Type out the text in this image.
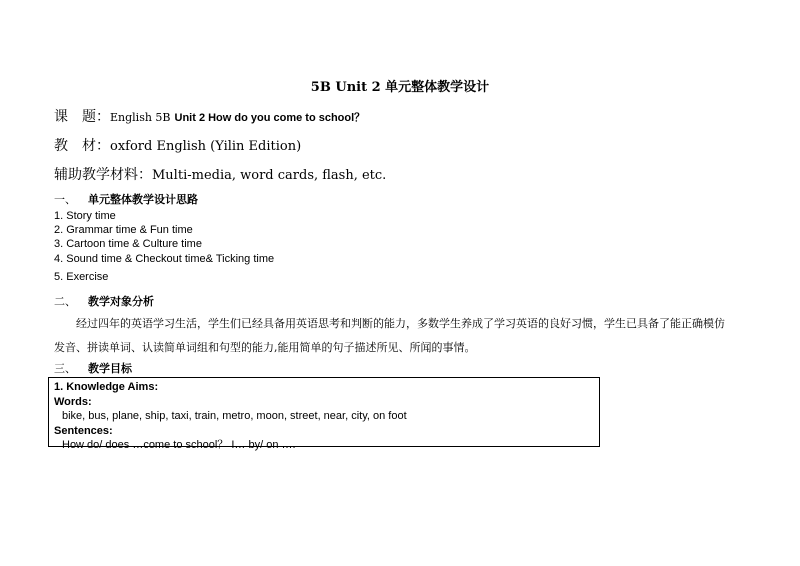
5B Unit 2 单元整体教学设计
课　题 ： English 5B Unit 2 How do you come to school？
教　材 ： oxford English (Yilin Edition)
辅助教学材料 ： Multi-media, word cards, flash, etc.
一、	单元整体教学设计思路
1. Story time
2. Grammar time & Fun time
3. Cartoon time & Culture time
4. Sound time & Checkout time& Ticking time
5. Exercise
二、	教学对象分析
经过四年的英语学习生活，学生们已经具备用英语思考和判断的能力，多数学生养成了学习英语的良好习惯，学生已具备了能正确模仿发音、拼读单词、认读简单词组和句型的能力,能用简单的句子描述所见、所闻的事情。
三、	教学目标
1. Knowledge Aims:
Words:
bike, bus, plane, ship, taxi, train, metro, moon, street, near, city, on foot
Sentences:
How do/ does …come to school？ I… by/ on ….
